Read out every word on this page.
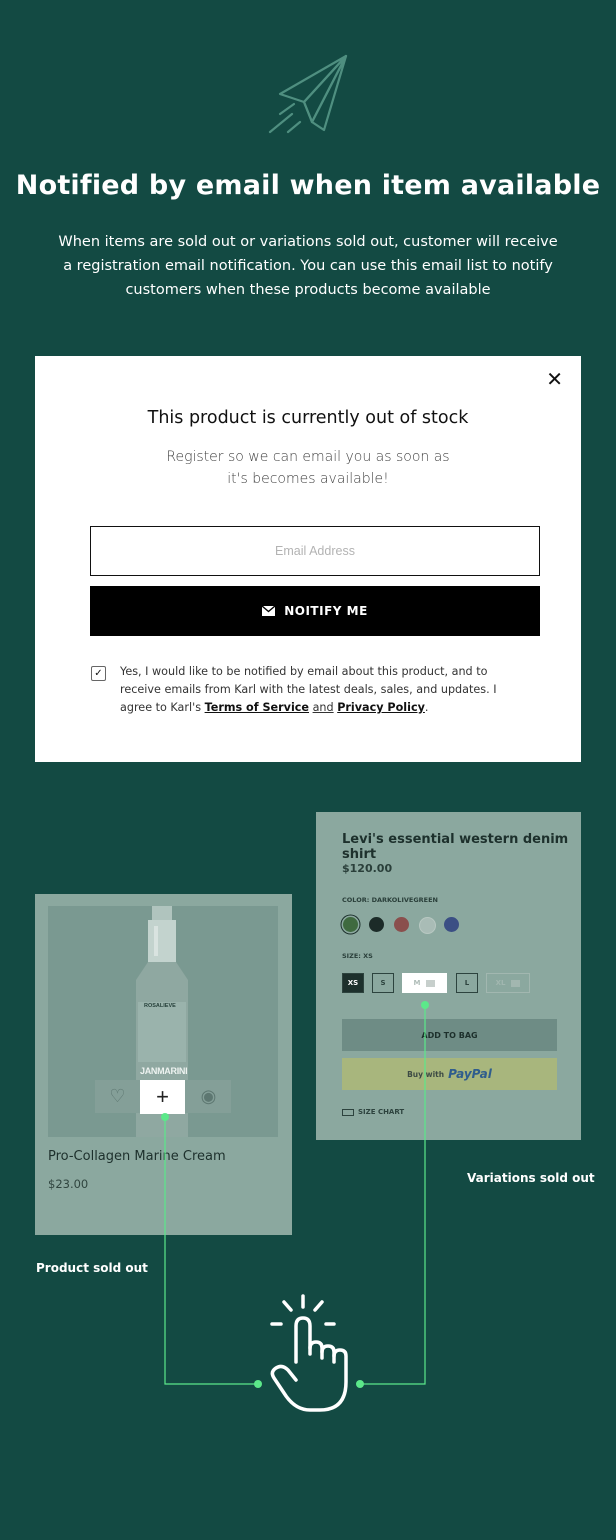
Notified by email when item available
When items are sold out or variations sold out, customer will receive a registration email notification. You can use this email list to notify customers when these products become available
✕
This product is currently out of stock
Register so we can email you as soon as it's becomes available!
Email Address
NOITIFY ME
✓ Yes, I would like to be notified by email about this product, and to receive emails from Karl with the latest deals, sales, and updates. I agree to Karl's Terms of Service and Privacy Policy.
Levi's essential western denim shirt
$120.00
COLOR: DARKOLIVEGREEN
SIZE: XS
XS	S	M	L	XL
ADD TO BAG
Buy with PayPal
SIZE CHART
ROSALIEVE
JANMARINI
♡	+	◉
Pro-Collagen Marine Cream
$23.00	Variations sold out
Product sold out
